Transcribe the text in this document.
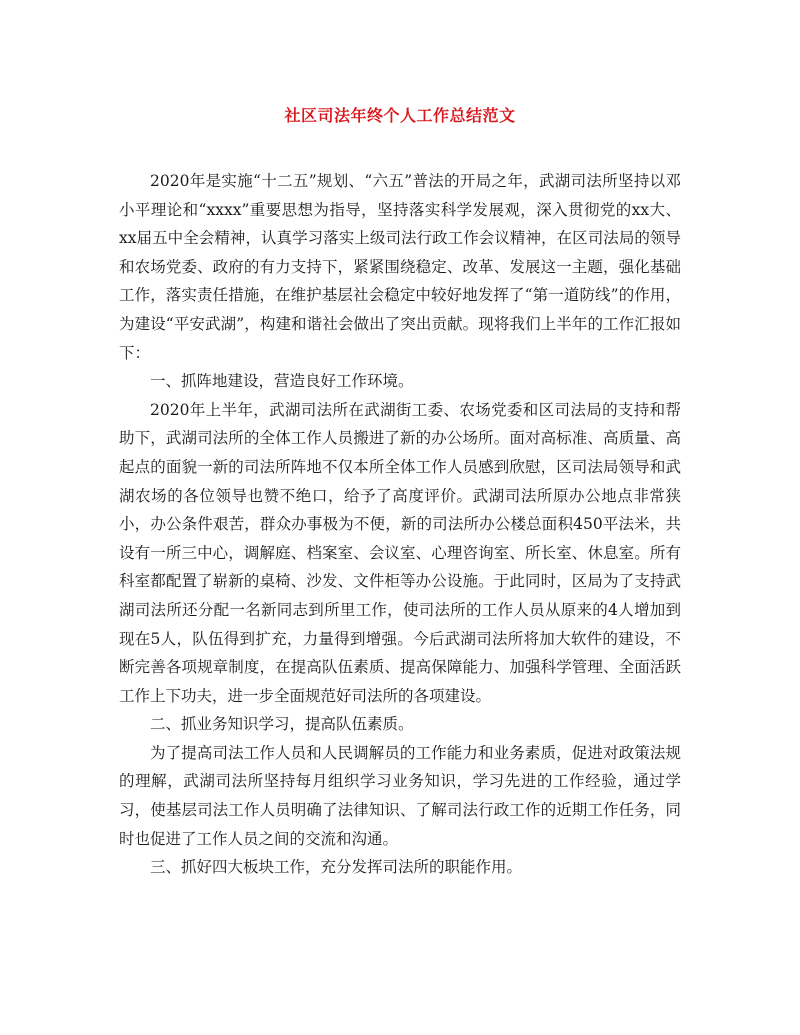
社区司法年终个人工作总结范文

2020年是实施“十二五”规划、“六五”普法的开局之年，武湖司法所坚持以邓小平理论和“xxxx”重要思想为指导，坚持落实科学发展观，深入贯彻党的xx大、xx届五中全会精神，认真学习落实上级司法行政工作会议精神，在区司法局的领导和农场党委、政府的有力支持下，紧紧围绕稳定、改革、发展这一主题，强化基础工作，落实责任措施，在维护基层社会稳定中较好地发挥了“第一道防线”的作用，为建设“平安武湖”，构建和谐社会做出了突出贡献。现将我们上半年的工作汇报如下：

一、抓阵地建设，营造良好工作环境。

2020年上半年，武湖司法所在武湖街工委、农场党委和区司法局的支持和帮助下，武湖司法所的全体工作人员搬进了新的办公场所。面对高标准、高质量、高起点的面貌一新的司法所阵地不仅本所全体工作人员感到欣慰，区司法局领导和武湖农场的各位领导也赞不绝口，给予了高度评价。武湖司法所原办公地点非常狭小，办公条件艰苦，群众办事极为不便，新的司法所办公楼总面积450平法米，共设有一所三中心，调解庭、档案室、会议室、心理咨询室、所长室、休息室。所有科室都配置了崭新的桌椅、沙发、文件柜等办公设施。于此同时，区局为了支持武湖司法所还分配一名新同志到所里工作，使司法所的工作人员从原来的4人增加到现在5人，队伍得到扩充，力量得到增强。今后武湖司法所将加大软件的建设，不断完善各项规章制度，在提高队伍素质、提高保障能力、加强科学管理、全面活跃工作上下功夫，进一步全面规范好司法所的各项建设。

二、抓业务知识学习，提高队伍素质。

为了提高司法工作人员和人民调解员的工作能力和业务素质，促进对政策法规的理解，武湖司法所坚持每月组织学习业务知识，学习先进的工作经验，通过学习，使基层司法工作人员明确了法律知识、了解司法行政工作的近期工作任务，同时也促进了工作人员之间的交流和沟通。

三、抓好四大板块工作，充分发挥司法所的职能作用。
